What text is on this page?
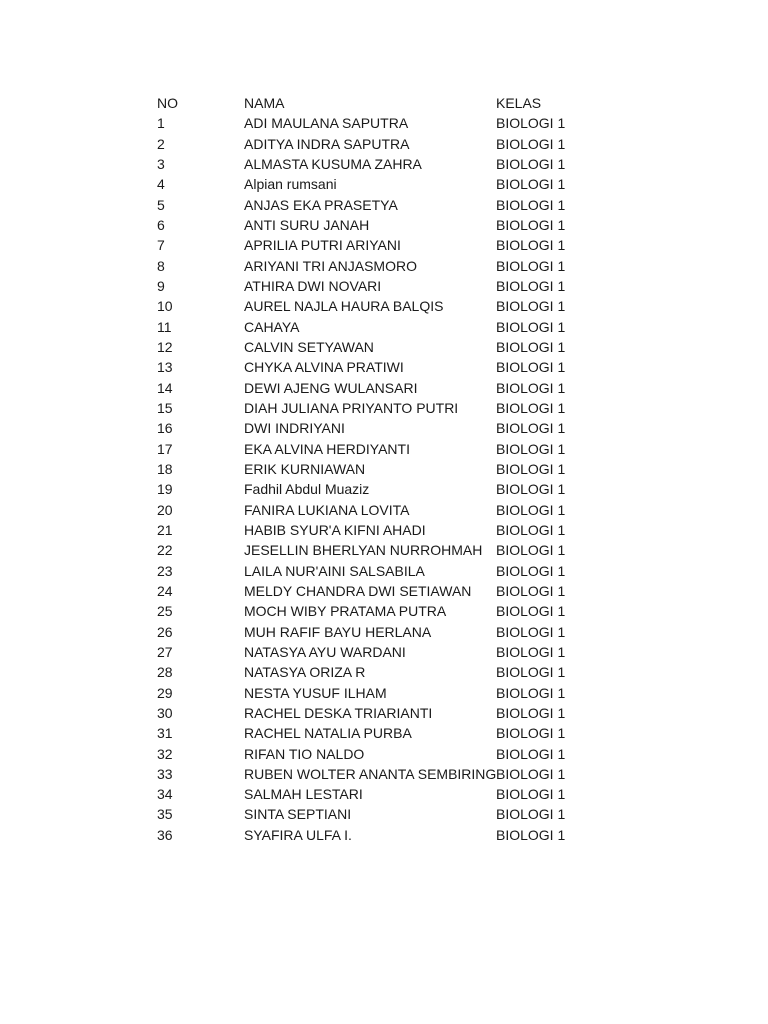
NO	NAMA	KELAS
1	ADI MAULANA SAPUTRA	BIOLOGI 1
2	ADITYA INDRA SAPUTRA	BIOLOGI 1
3	ALMASTA KUSUMA ZAHRA	BIOLOGI 1
4	Alpian rumsani	BIOLOGI 1
5	ANJAS EKA PRASETYA	BIOLOGI 1
6	ANTI SURU JANAH	BIOLOGI 1
7	APRILIA PUTRI ARIYANI	BIOLOGI 1
8	ARIYANI TRI ANJASMORO	BIOLOGI 1
9	ATHIRA DWI NOVARI	BIOLOGI 1
10	AUREL NAJLA HAURA BALQIS	BIOLOGI 1
11	CAHAYA	BIOLOGI 1
12	CALVIN SETYAWAN	BIOLOGI 1
13	CHYKA ALVINA PRATIWI	BIOLOGI 1
14	DEWI AJENG WULANSARI	BIOLOGI 1
15	DIAH JULIANA PRIYANTO PUTRI	BIOLOGI 1
16	DWI INDRIYANI	BIOLOGI 1
17	EKA ALVINA HERDIYANTI	BIOLOGI 1
18	ERIK KURNIAWAN	BIOLOGI 1
19	Fadhil Abdul Muaziz	BIOLOGI 1
20	FANIRA LUKIANA LOVITA	BIOLOGI 1
21	HABIB SYUR'A KIFNI AHADI	BIOLOGI 1
22	JESELLIN BHERLYAN NURROHMAH BIOLOGI 1
23	LAILA NUR'AINI SALSABILA	BIOLOGI 1
24	MELDY CHANDRA DWI SETIAWAN BIOLOGI 1
25	MOCH WIBY PRATAMA PUTRA	BIOLOGI 1
26	MUH RAFIF BAYU HERLANA	BIOLOGI 1
27	NATASYA AYU WARDANI	BIOLOGI 1
28	NATASYA ORIZA R	BIOLOGI 1
29	NESTA YUSUF ILHAM	BIOLOGI 1
30	RACHEL DESKA TRIARIANTI	BIOLOGI 1
31	RACHEL NATALIA PURBA	BIOLOGI 1
32	RIFAN TIO NALDO	BIOLOGI 1
33	RUBEN WOLTER ANANTA SEMBIRING BIOLOGI 1
34	SALMAH LESTARI	BIOLOGI 1
35	SINTA SEPTIANI	BIOLOGI 1
36	SYAFIRA ULFA I.	BIOLOGI 1
